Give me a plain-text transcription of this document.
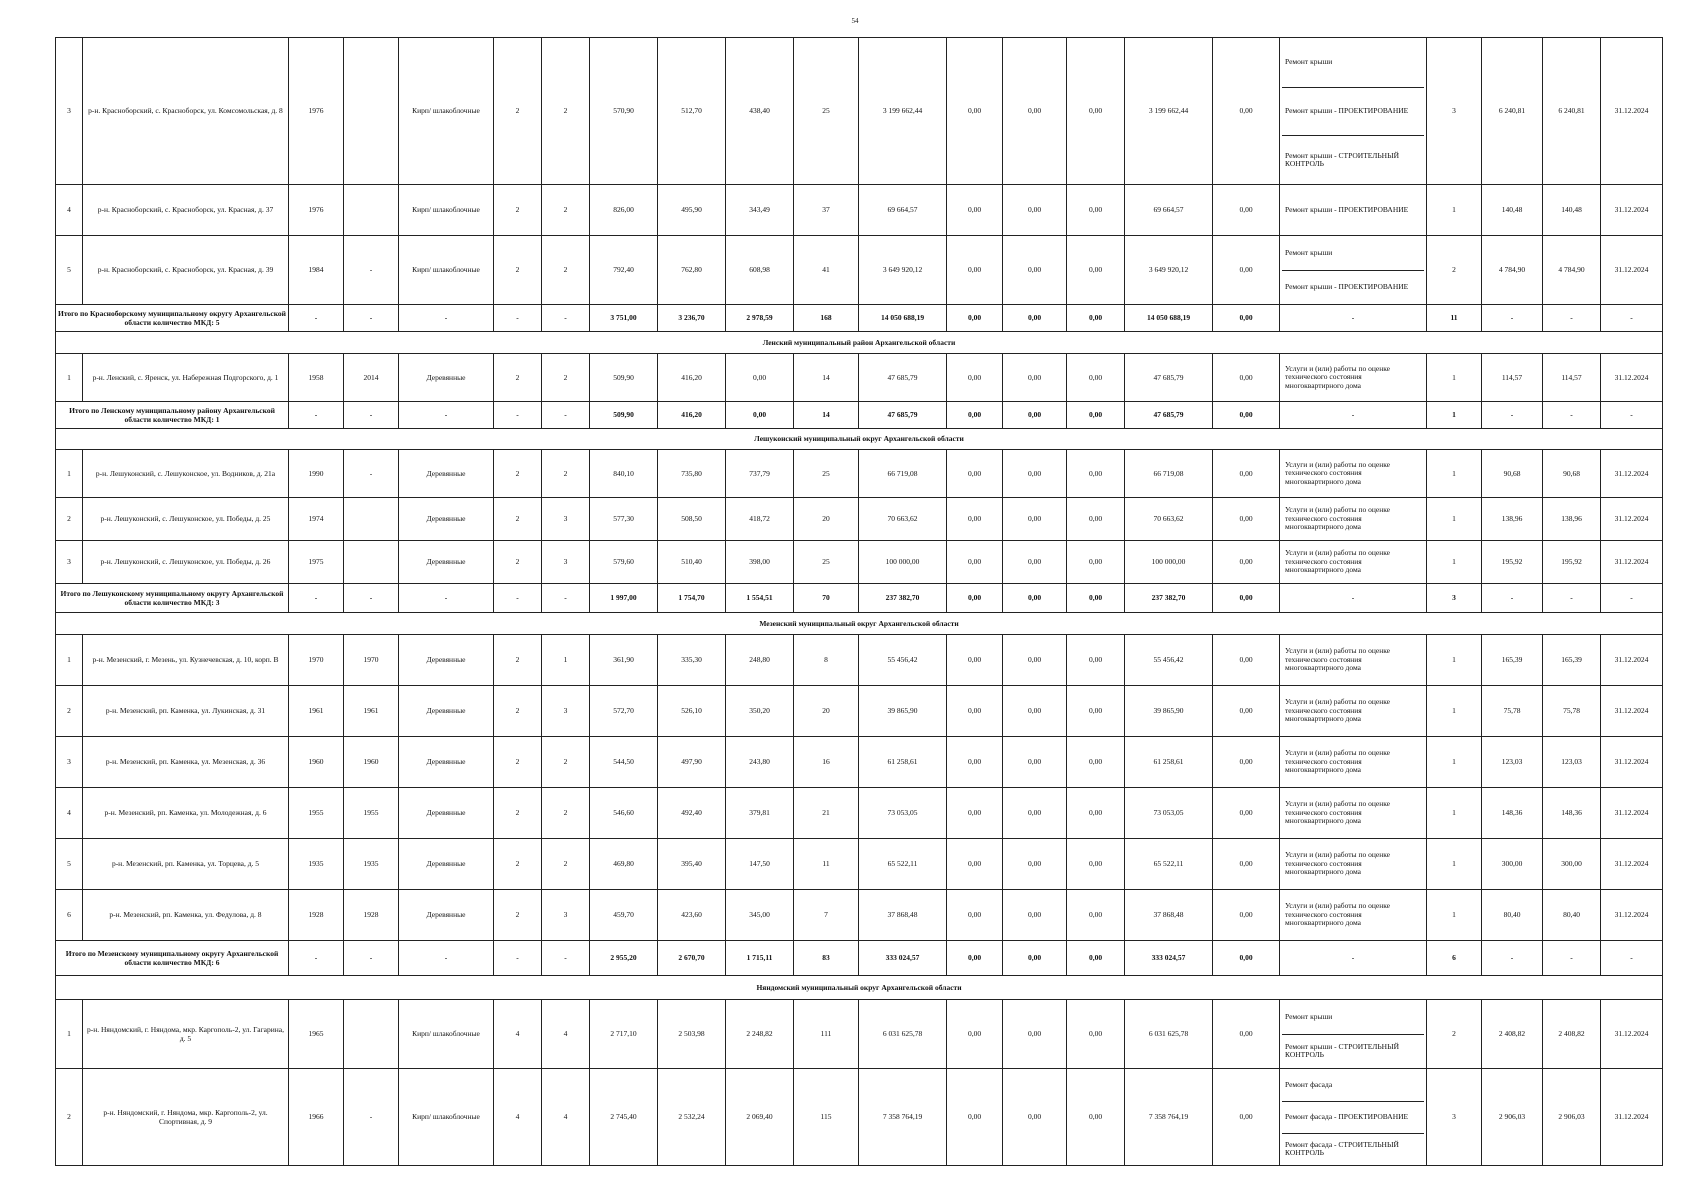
54
3	р-н. Красноборский, с. Красноборск, ул. Комсомольская, д. 8	1976		Кирп/ шлакоблочные	2	2	570,90	512,70	438,40	25	3 199 662,44	0,00	0,00	0,00	3 199 662,44	0,00	Ремонт крыши
Ремонт крыши - ПРОЕКТИРОВАНИЕ
Ремонт крыши - СТРОИТЕЛЬНЫЙ КОНТРОЛЬ	3	6 240,81	6 240,81	31.12.2024
4	р-н. Красноборский, с. Красноборск, ул. Красная, д. 37	1976		Кирп/ шлакоблочные	2	2	826,00	495,90	343,49	37	69 664,57	0,00	0,00	0,00	69 664,57	0,00	Ремонт крыши - ПРОЕКТИРОВАНИЕ	1	140,48	140,48	31.12.2024
5	р-н. Красноборский, с. Красноборск, ул. Красная, д. 39	1984	-	Кирп/ шлакоблочные	2	2	792,40	762,80	608,98	41	3 649 920,12	0,00	0,00	0,00	3 649 920,12	0,00	Ремонт крыши
Ремонт крыши - ПРОЕКТИРОВАНИЕ	2	4 784,90	4 784,90	31.12.2024
Итого по Красноборскому муниципальному округу Архангельской области количество МКД: 5		-	-	-	-	-	3 751,00	3 236,70	2 978,59	168	14 050 688,19	0,00	0,00	0,00	14 050 688,19	0,00	-	11	-	-	-
Ленский муниципальный район Архангельской области																					
1	р-н. Ленский, с. Яренск, ул. Набережная Подгорского, д. 1	1958	2014	Деревянные	2	2	509,90	416,20	0,00	14	47 685,79	0,00	0,00	0,00	47 685,79	0,00	Услуги и (или) работы по оценке технического состояния многоквартирного дома	1	114,57	114,57	31.12.2024
Итого по Ленскому муниципальному району Архангельской области количество МКД: 1		-	-	-	-	-	509,90	416,20	0,00	14	47 685,79	0,00	0,00	0,00	47 685,79	0,00	-	1	-	-	-
Лешуконский муниципальный округ Архангельской области																					
1	р-н. Лешуконский, с. Лешуконское, ул. Водников, д. 21а	1990	-	Деревянные	2	2	840,10	735,80	737,79	25	66 719,08	0,00	0,00	0,00	66 719,08	0,00	Услуги и (или) работы по оценке технического состояния многоквартирного дома	1	90,68	90,68	31.12.2024
2	р-н. Лешуконский, с. Лешуконское, ул. Победы, д. 25	1974		Деревянные	2	3	577,30	508,50	418,72	20	70 663,62	0,00	0,00	0,00	70 663,62	0,00	Услуги и (или) работы по оценке технического состояния многоквартирного дома	1	138,96	138,96	31.12.2024
3	р-н. Лешуконский, с. Лешуконское, ул. Победы, д. 26	1975		Деревянные	2	3	579,60	510,40	398,00	25	100 000,00	0,00	0,00	0,00	100 000,00	0,00	Услуги и (или) работы по оценке технического состояния многоквартирного дома	1	195,92	195,92	31.12.2024
Итого по Лешуконскому муниципальному округу Архангельской области количество МКД: 3		-	-	-	-	-	1 997,00	1 754,70	1 554,51	70	237 382,70	0,00	0,00	0,00	237 382,70	0,00	-	3	-	-	-
Мезенский муниципальный округ Архангельской области																					
1	р-н. Мезенский, г. Мезень, ул. Кузнечевская, д. 10, корп. В	1970	1970	Деревянные	2	1	361,90	335,30	248,80	8	55 456,42	0,00	0,00	0,00	55 456,42	0,00	Услуги и (или) работы по оценке технического состояния многоквартирного дома	1	165,39	165,39	31.12.2024
2	р-н. Мезенский, рп. Каменка, ул. Лукинская, д. 31	1961	1961	Деревянные	2	3	572,70	526,10	350,20	20	39 865,90	0,00	0,00	0,00	39 865,90	0,00	Услуги и (или) работы по оценке технического состояния многоквартирного дома	1	75,78	75,78	31.12.2024
3	р-н. Мезенский, рп. Каменка, ул. Мезенская, д. 36	1960	1960	Деревянные	2	2	544,50	497,90	243,80	16	61 258,61	0,00	0,00	0,00	61 258,61	0,00	Услуги и (или) работы по оценке технического состояния многоквартирного дома	1	123,03	123,03	31.12.2024
4	р-н. Мезенский, рп. Каменка, ул. Молодежная, д. 6	1955	1955	Деревянные	2	2	546,60	492,40	379,81	21	73 053,05	0,00	0,00	0,00	73 053,05	0,00	Услуги и (или) работы по оценке технического состояния многоквартирного дома	1	148,36	148,36	31.12.2024
5	р-н. Мезенский, рп. Каменка, ул. Торцева, д. 5	1935	1935	Деревянные	2	2	469,80	395,40	147,50	11	65 522,11	0,00	0,00	0,00	65 522,11	0,00	Услуги и (или) работы по оценке технического состояния многоквартирного дома	1	300,00	300,00	31.12.2024
6	р-н. Мезенский, рп. Каменка, ул. Федулова, д. 8	1928	1928	Деревянные	2	3	459,70	423,60	345,00	7	37 868,48	0,00	0,00	0,00	37 868,48	0,00	Услуги и (или) работы по оценке технического состояния многоквартирного дома	1	80,40	80,40	31.12.2024
Итого по Мезенскому муниципальному округу Архангельской области количество МКД: 6		-	-	-	-	-	2 955,20	2 670,70	1 715,11	83	333 024,57	0,00	0,00	0,00	333 024,57	0,00	-	6	-	-	-
Няндомский муниципальный округ Архангельской области																					
1	р-н. Няндомский, г. Няндома, мкр. Каргополь-2, ул. Гагарина, д. 5	1965		Кирп/ шлакоблочные	4	4	2 717,10	2 503,98	2 248,82	111	6 031 625,78	0,00	0,00	0,00	6 031 625,78	0,00	Ремонт крыши
Ремонт крыши - СТРОИТЕЛЬНЫЙ КОНТРОЛЬ	2	2 408,82	2 408,82	31.12.2024
2	р-н. Няндомский, г. Няндома, мкр. Каргополь-2, ул. Спортивная, д. 9	1966	-	Кирп/ шлакоблочные	4	4	2 745,40	2 532,24	2 069,40	115	7 358 764,19	0,00	0,00	0,00	7 358 764,19	0,00	Ремонт фасада
Ремонт фасада - ПРОЕКТИРОВАНИЕ
Ремонт фасада - СТРОИТЕЛЬНЫЙ КОНТРОЛЬ	3	2 906,03	2 906,03	31.12.2024
